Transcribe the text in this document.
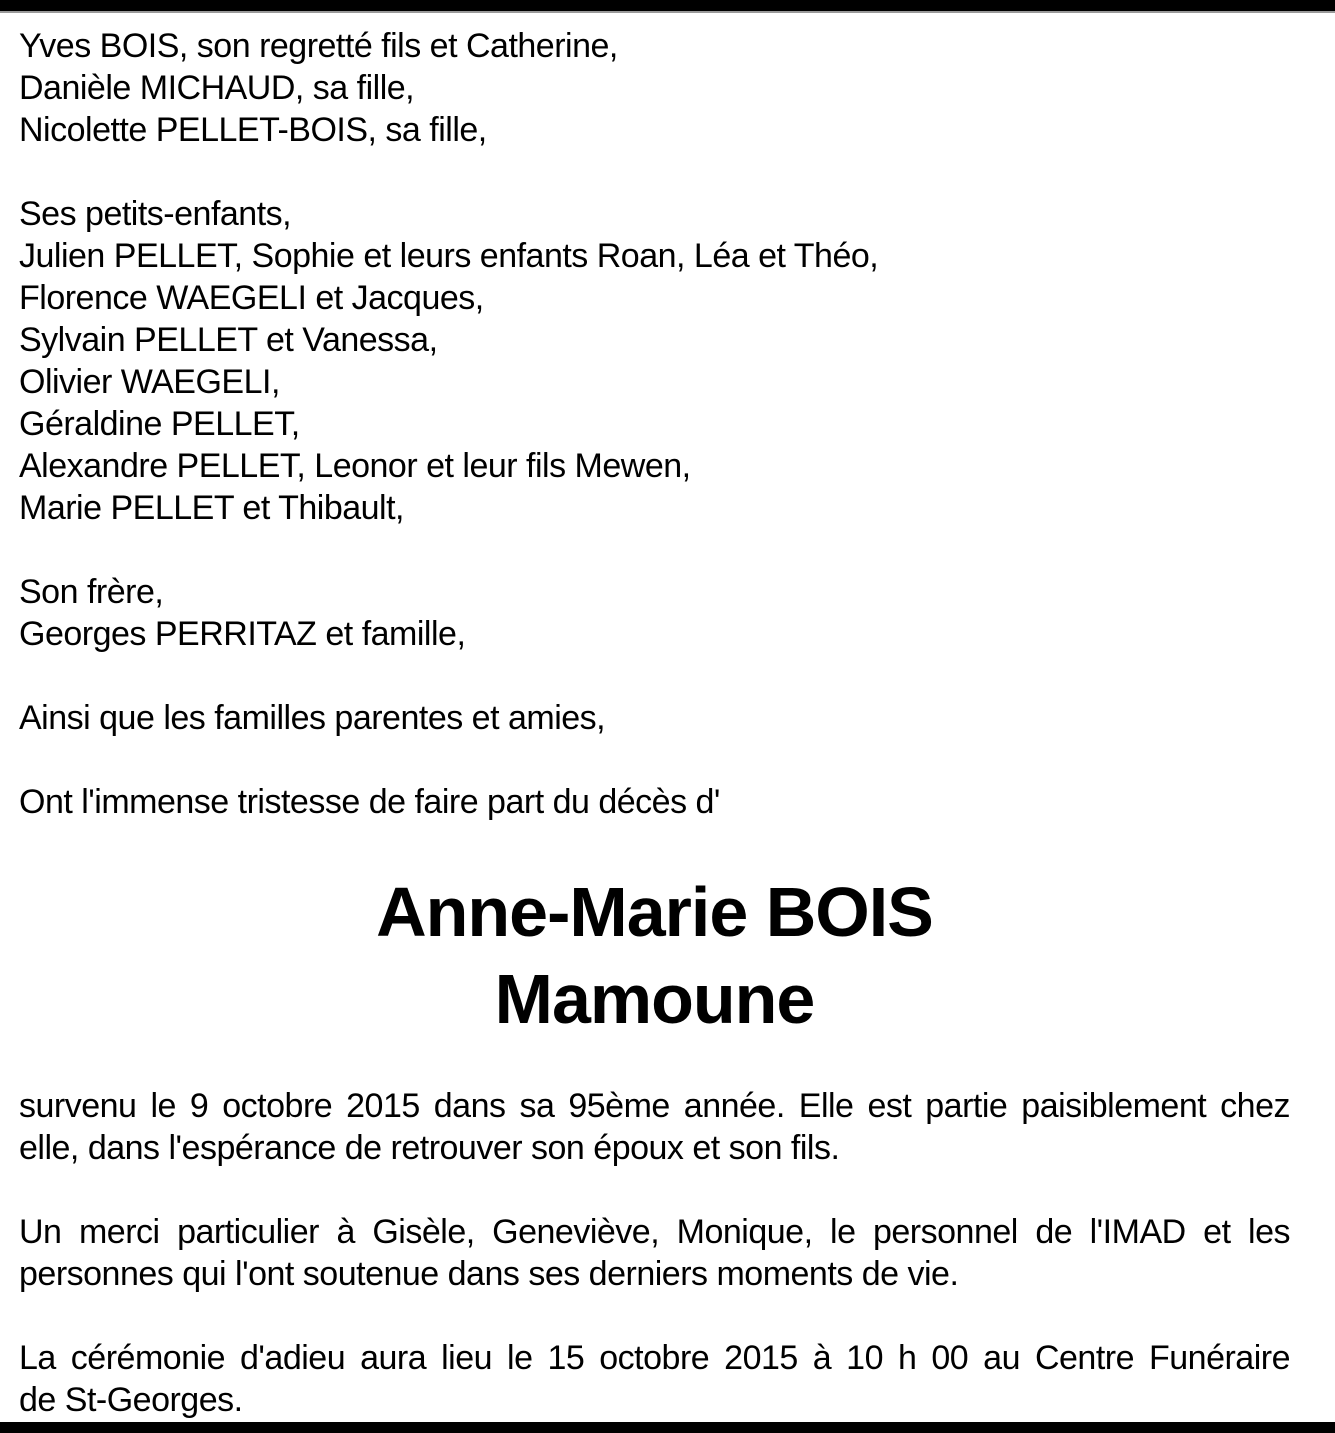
Yves BOIS, son regretté fils et Catherine,

Danièle MICHAUD, sa fille,

Nicolette PELLET-BOIS, sa fille,

Ses petits-enfants,

Julien PELLET, Sophie et leurs enfants Roan, Léa et Théo,

Florence WAEGELI et Jacques,

Sylvain PELLET et Vanessa,

Olivier WAEGELI,

Géraldine PELLET,

Alexandre PELLET, Leonor et leur fils Mewen,

Marie PELLET et Thibault,

Son frère,

Georges PERRITAZ et famille,

Ainsi que les familles parentes et amies,

Ont l'immense tristesse de faire part du décès d'

Anne-Marie BOIS
Mamoune

survenu le 9 octobre 2015 dans sa 95ème année. Elle est partie paisiblement chez

elle, dans l'espérance de retrouver son époux et son fils.

Un merci particulier à Gisèle, Geneviève, Monique, le personnel de l'IMAD et les

personnes qui l'ont soutenue dans ses derniers moments de vie.

La cérémonie d'adieu aura lieu le 15 octobre 2015 à 10 h 00 au Centre Funéraire

de St-Georges.
